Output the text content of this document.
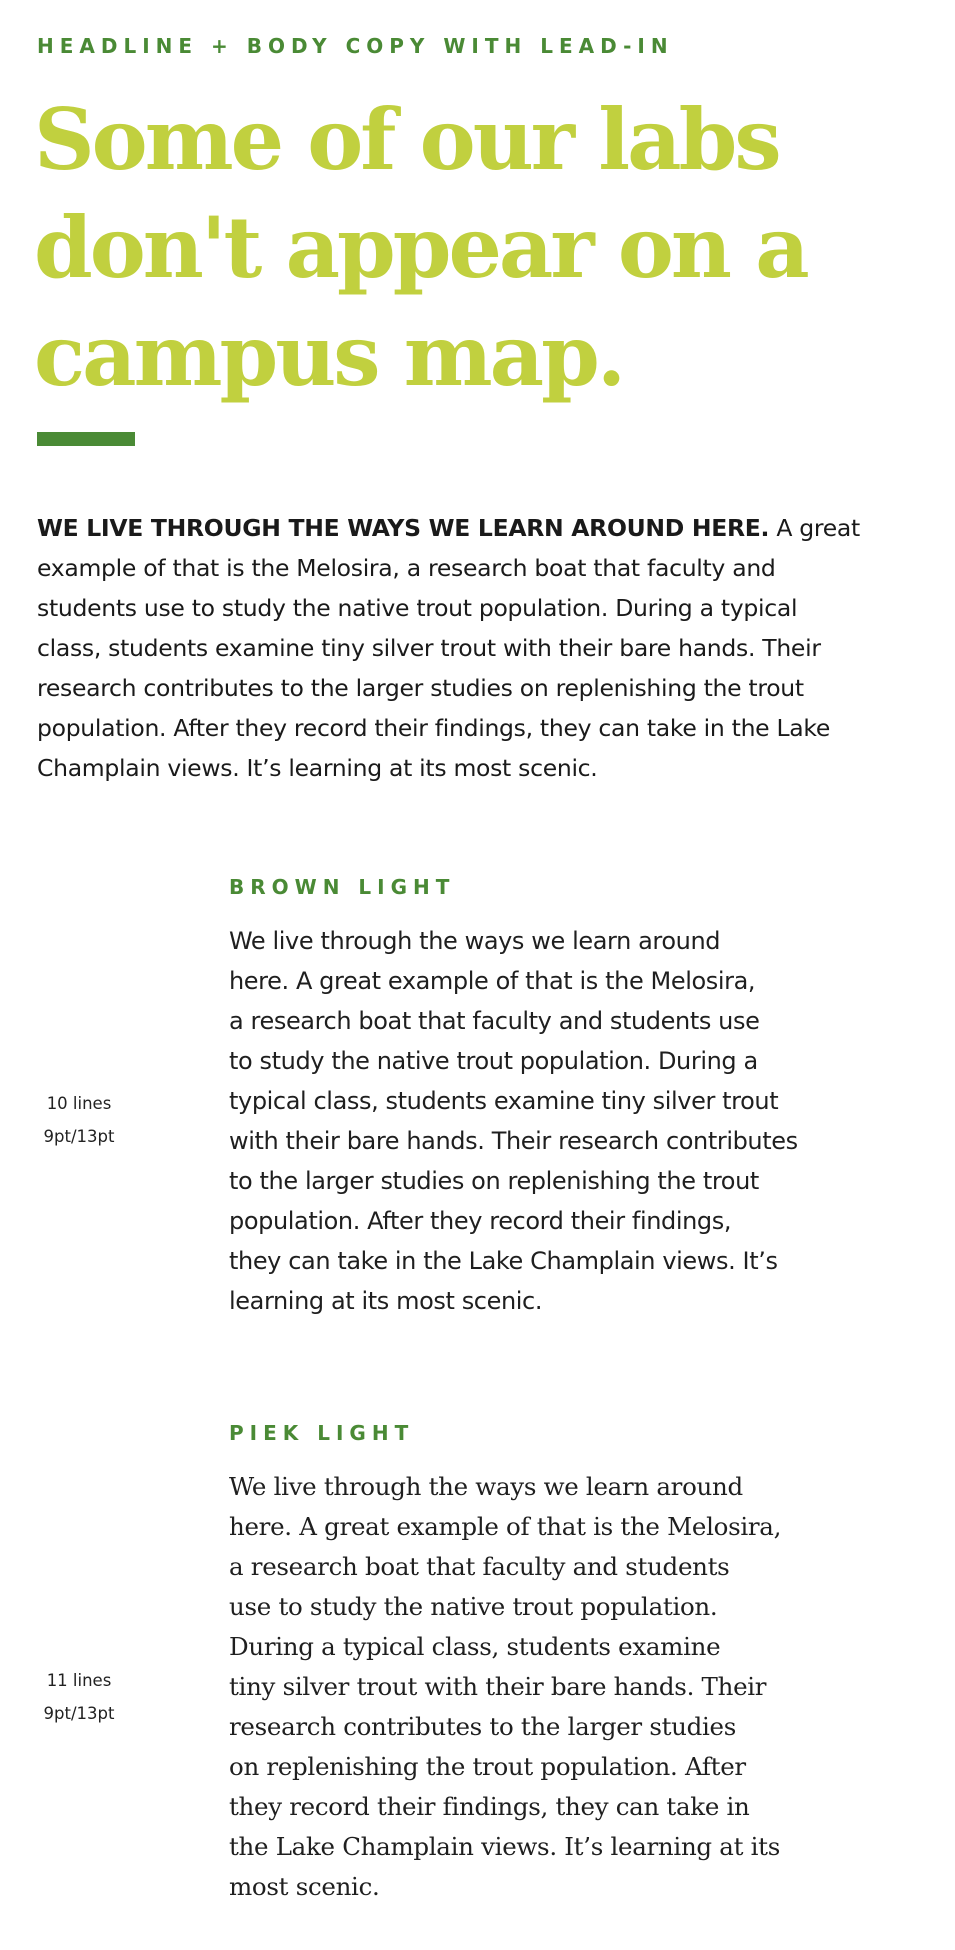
HEADLINE + BODY COPY WITH LEAD-IN
Some of our labs
don't appear on a
campus map.

WE LIVE THROUGH THE WAYS WE LEARN AROUND HERE. A great
example of that is the Melosira, a research boat that faculty and
students use to study the native trout population. During a typical
class, students examine tiny silver trout with their bare hands. Their
research contributes to the larger studies on replenishing the trout
population. After they record their findings, they can take in the Lake
Champlain views. It’s learning at its most scenic.

BROWN LIGHT
10 lines
9pt/13pt

We live through the ways we learn around
here. A great example of that is the Melosira,
a research boat that faculty and students use
to study the native trout population. During a
typical class, students examine tiny silver trout
with their bare hands. Their research contributes
to the larger studies on replenishing the trout
population. After they record their findings,
they can take in the Lake Champlain views. It’s
learning at its most scenic.

PIEK LIGHT
11 lines
9pt/13pt

We live through the ways we learn around
here. A great example of that is the Melosira,
a research boat that faculty and students
use to study the native trout population.
During a typical class, students examine
tiny silver trout with their bare hands. Their
research contributes to the larger studies
on replenishing the trout population. After
they record their findings, they can take in
the Lake Champlain views. It’s learning at its
most scenic.
